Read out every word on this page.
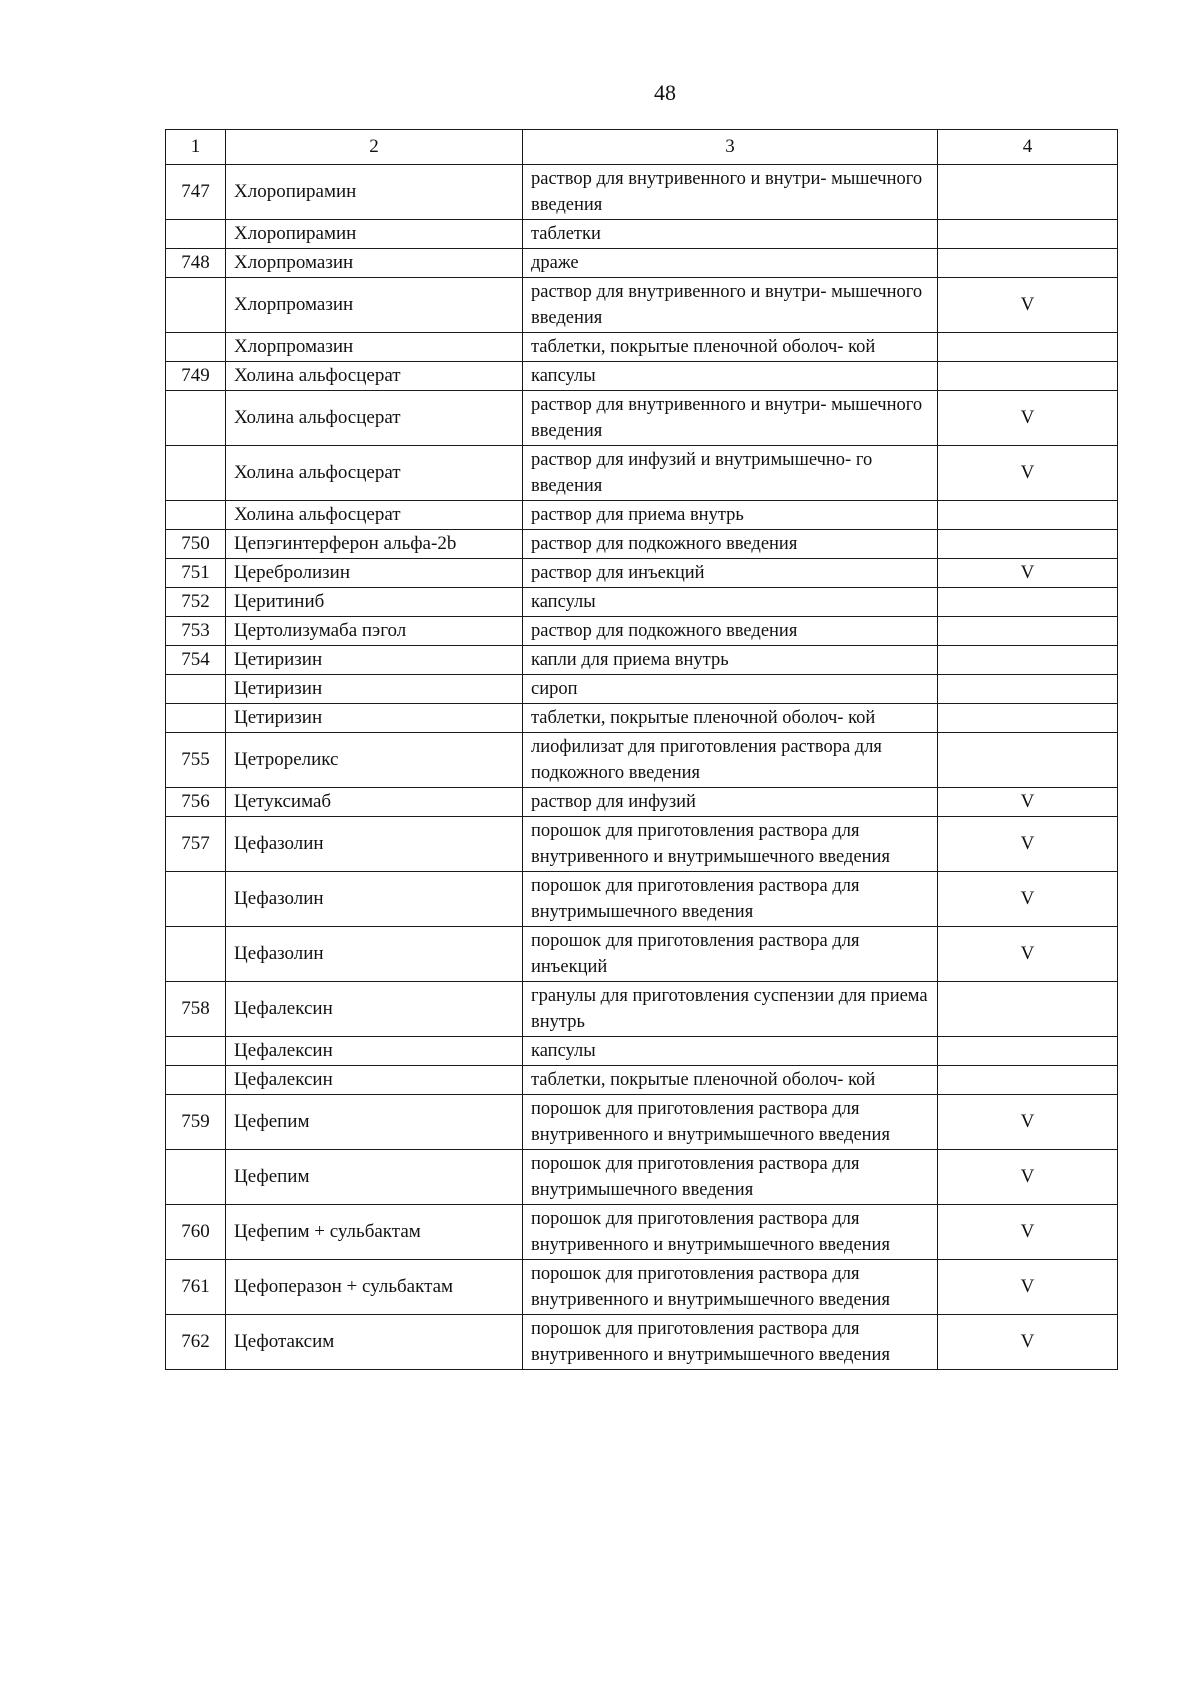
48
1	2	3	4
747	Хлоропирамин	раствор для внутривенного и внутри- мышечного введения	
	Хлоропирамин	таблетки	
748	Хлорпромазин	драже	
	Хлорпромазин	раствор для внутривенного и внутри- мышечного введения	V
	Хлорпромазин	таблетки, покрытые пленочной оболоч- кой	
749	Холина альфосцерат	капсулы	
	Холина альфосцерат	раствор для внутривенного и внутри- мышечного введения	V
	Холина альфосцерат	раствор для инфузий и внутримышечно- го введения	V
	Холина альфосцерат	раствор для приема внутрь	
750	Цепэгинтерферон альфа-2b	раствор для подкожного введения	
751	Церебролизин	раствор для инъекций	V
752	Церитиниб	капсулы	
753	Цертолизумаба пэгол	раствор для подкожного введения	
754	Цетиризин	капли для приема внутрь	
	Цетиризин	сироп	
	Цетиризин	таблетки, покрытые пленочной оболоч- кой	
755	Цетрореликс	лиофилизат для приготовления раствора для подкожного введения	
756	Цетуксимаб	раствор для инфузий	V
757	Цефазолин	порошок для приготовления раствора для внутривенного и внутримышечного введения	V
	Цефазолин	порошок для приготовления раствора для внутримышечного введения	V
	Цефазолин	порошок для приготовления раствора для инъекций	V
758	Цефалексин	гранулы для приготовления суспензии для приема внутрь	
	Цефалексин	капсулы	
	Цефалексин	таблетки, покрытые пленочной оболоч- кой	
759	Цефепим	порошок для приготовления раствора для внутривенного и внутримышечного введения	V
	Цефепим	порошок для приготовления раствора для внутримышечного введения	V
760	Цефепим + сульбактам	порошок для приготовления раствора для внутривенного и внутримышечного введения	V
761	Цефоперазон + сульбактам	порошок для приготовления раствора для внутривенного и внутримышечного введения	V
762	Цефотаксим	порошок для приготовления раствора для внутривенного и внутримышечного введения	V
